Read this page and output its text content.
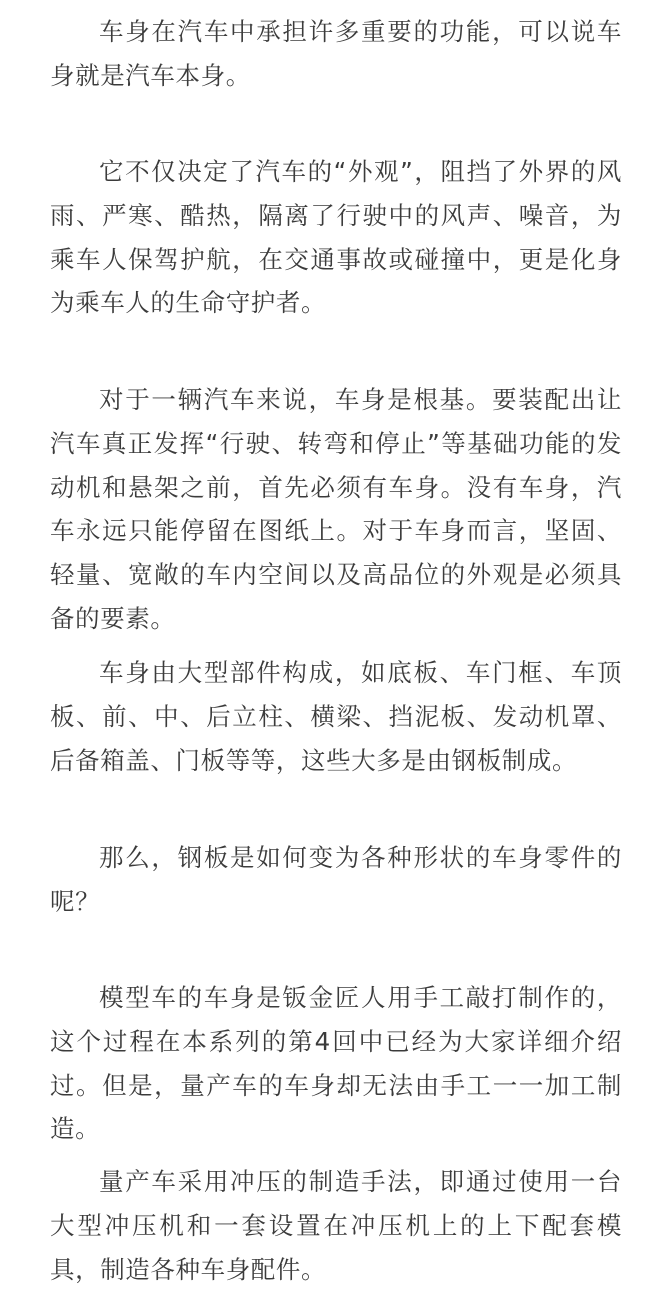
车身在汽车中承担许多重要的功能，可以说车身就是汽车本身。

它不仅决定了汽车的“外观”，阻挡了外界的风雨、严寒、酷热，隔离了行驶中的风声、噪音，为乘车人保驾护航，在交通事故或碰撞中，更是化身为乘车人的生命守护者。

对于一辆汽车来说，车身是根基。要装配出让汽车真正发挥“行驶、转弯和停止”等基础功能的发动机和悬架之前，首先必须有车身。没有车身，汽车永远只能停留在图纸上。对于车身而言，坚固、轻量、宽敞的车内空间以及高品位的外观是必须具备的要素。

车身由大型部件构成，如底板、车门框、车顶板、前、中、后立柱、横梁、挡泥板、发动机罩、后备箱盖、门板等等，这些大多是由钢板制成。

那么，钢板是如何变为各种形状的车身零件的呢？

模型车的车身是钣金匠人用手工敲打制作的，这个过程在本系列的第4回中已经为大家详细介绍过。但是，量产车的车身却无法由手工一一加工制造。

量产车采用冲压的制造手法，即通过使用一台大型冲压机和一套设置在冲压机上的上下配套模具，制造各种车身配件。
